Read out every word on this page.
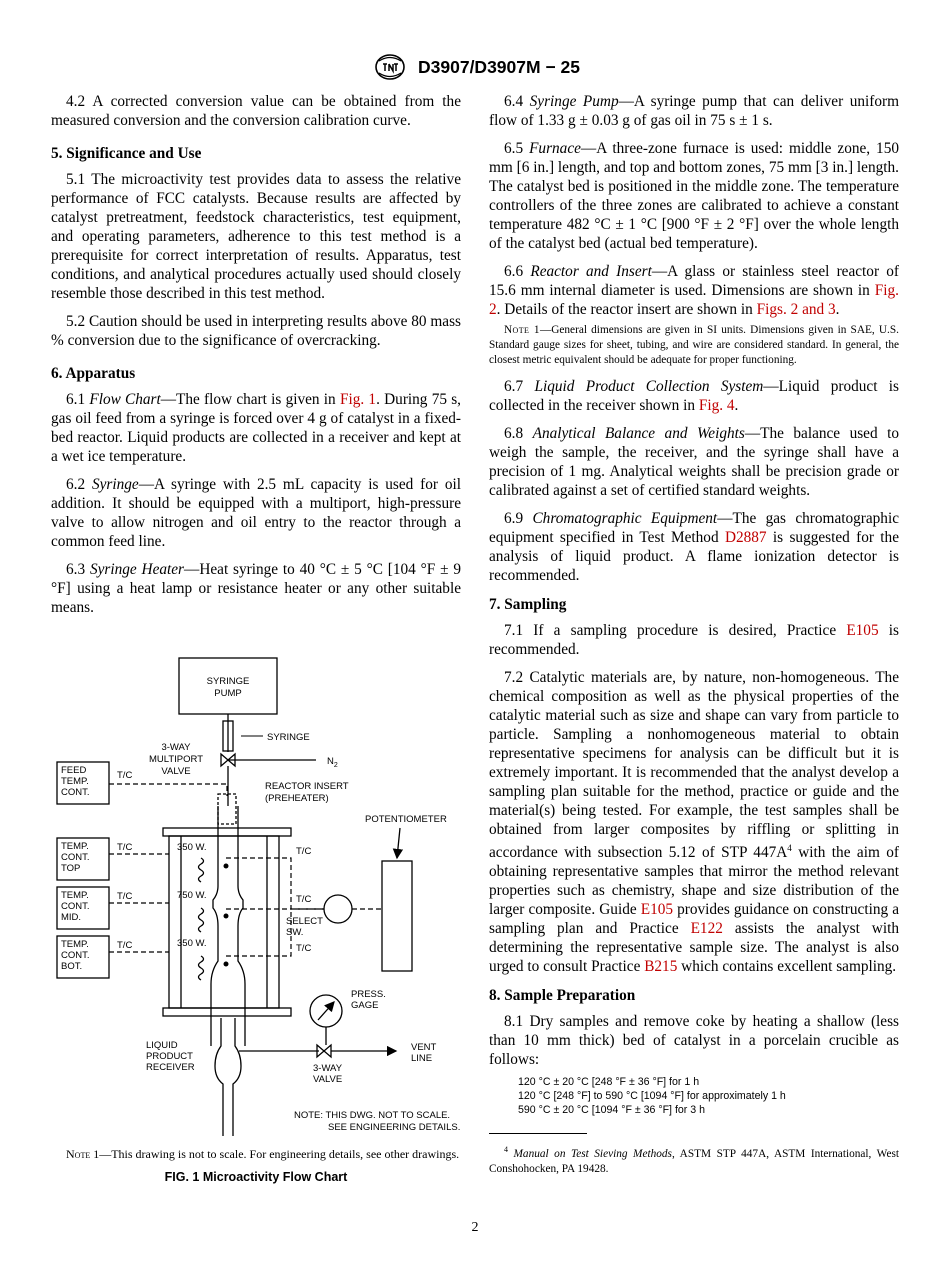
D3907/D3907M − 25

4.2 A corrected conversion value can be obtained from the measured conversion and the conversion calibration curve.

5. Significance and Use

5.1 The microactivity test provides data to assess the relative performance of FCC catalysts. Because results are affected by catalyst pretreatment, feedstock characteristics, test equipment, and operating parameters, adherence to this test method is a prerequisite for correct interpretation of results. Apparatus, test conditions, and analytical procedures actually used should closely resemble those described in this test method.

5.2 Caution should be used in interpreting results above 80 mass % conversion due to the significance of overcracking.

6. Apparatus

6.1 Flow Chart—The flow chart is given in Fig. 1. During 75 s, gas oil feed from a syringe is forced over 4 g of catalyst in a fixed-bed reactor. Liquid products are collected in a receiver and kept at a wet ice temperature.

6.2 Syringe—A syringe with 2.5 mL capacity is used for oil addition. It should be equipped with a multiport, high-pressure valve to allow nitrogen and oil entry to the reactor through a common feed line.

6.3 Syringe Heater—Heat syringe to 40 °C ± 5 °C [104 °F ± 9 °F] using a heat lamp or resistance heater or any other suitable means.

SYRINGE PUMP
SYRINGE
3-WAY MULTIPORT VALVE
$N_2$
FEED TEMP. CONT.
T/C
REACTOR INSERT (PREHEATER)
POTENTIOMETER
TEMP. CONT. TOP
TEMP. CONT. MID.
TEMP. CONT. BOT.
T/C
T/C
T/C
T/C
T/C
T/C
350 W.
750 W.
350 W.
SELECT SW.
PRESS. GAGE
LIQUID PRODUCT RECEIVER
VENT LINE
3-WAY VALVE
NOTE: THIS DWG. NOT TO SCALE. SEE ENGINEERING DETAILS.

Note 1—This drawing is not to scale. For engineering details, see other drawings.

FIG. 1 Microactivity Flow Chart

6.4 Syringe Pump—A syringe pump that can deliver uniform flow of 1.33 g ± 0.03 g of gas oil in 75 s ± 1 s.

6.5 Furnace—A three-zone furnace is used: middle zone, 150 mm [6 in.] length, and top and bottom zones, 75 mm [3 in.] length. The catalyst bed is positioned in the middle zone. The temperature controllers of the three zones are calibrated to achieve a constant temperature 482 °C ± 1 °C [900 °F ± 2 °F] over the whole length of the catalyst bed (actual bed temperature).

6.6 Reactor and Insert—A glass or stainless steel reactor of 15.6 mm internal diameter is used. Dimensions are shown in Fig. 2. Details of the reactor insert are shown in Figs. 2 and 3.

Note 1—General dimensions are given in SI units. Dimensions given in SAE, U.S. Standard gauge sizes for sheet, tubing, and wire are considered standard. In general, the closest metric equivalent should be adequate for proper functioning.

6.7 Liquid Product Collection System—Liquid product is collected in the receiver shown in Fig. 4.

6.8 Analytical Balance and Weights—The balance used to weigh the sample, the receiver, and the syringe shall have a precision of 1 mg. Analytical weights shall be precision grade or calibrated against a set of certified standard weights.

6.9 Chromatographic Equipment—The gas chromatographic equipment specified in Test Method D2887 is suggested for the analysis of liquid product. A flame ionization detector is recommended.

7. Sampling

7.1 If a sampling procedure is desired, Practice E105 is recommended.

7.2 Catalytic materials are, by nature, non-homogeneous. The chemical composition as well as the physical properties of the catalytic material such as size and shape can vary from particle to particle. Sampling a nonhomogeneous material to obtain representative specimens for analysis can be difficult but it is extremely important. It is recommended that the analyst develop a sampling plan suitable for the method, practice or guide and the material(s) being tested. For example, the test samples shall be obtained from larger composites by riffling or splitting in accordance with subsection 5.12 of STP $447A^4$ with the aim of obtaining representative samples that mirror the method relevant properties such as chemistry, shape and size distribution of the larger composite. Guide E105 provides guidance on constructing a sampling plan and Practice E122 assists the analyst with determining the representative sample size. The analyst is also urged to consult Practice B215 which contains excellent sampling.

8. Sample Preparation

8.1 Dry samples and remove coke by heating a shallow (less than 10 mm thick) bed of catalyst in a porcelain crucible as follows:

120 °C ± 20 °C [248 °F ± 36 °F] for 1 h
120 °C [248 °F] to 590 °C [1094 °F] for approximately 1 h
590 °C ± 20 °C [1094 °F ± 36 °F] for 3 h

$^4$ Manual on Test Sieving Methods, ASTM STP 447A, ASTM International, West Conshohocken, PA 19428.

2
